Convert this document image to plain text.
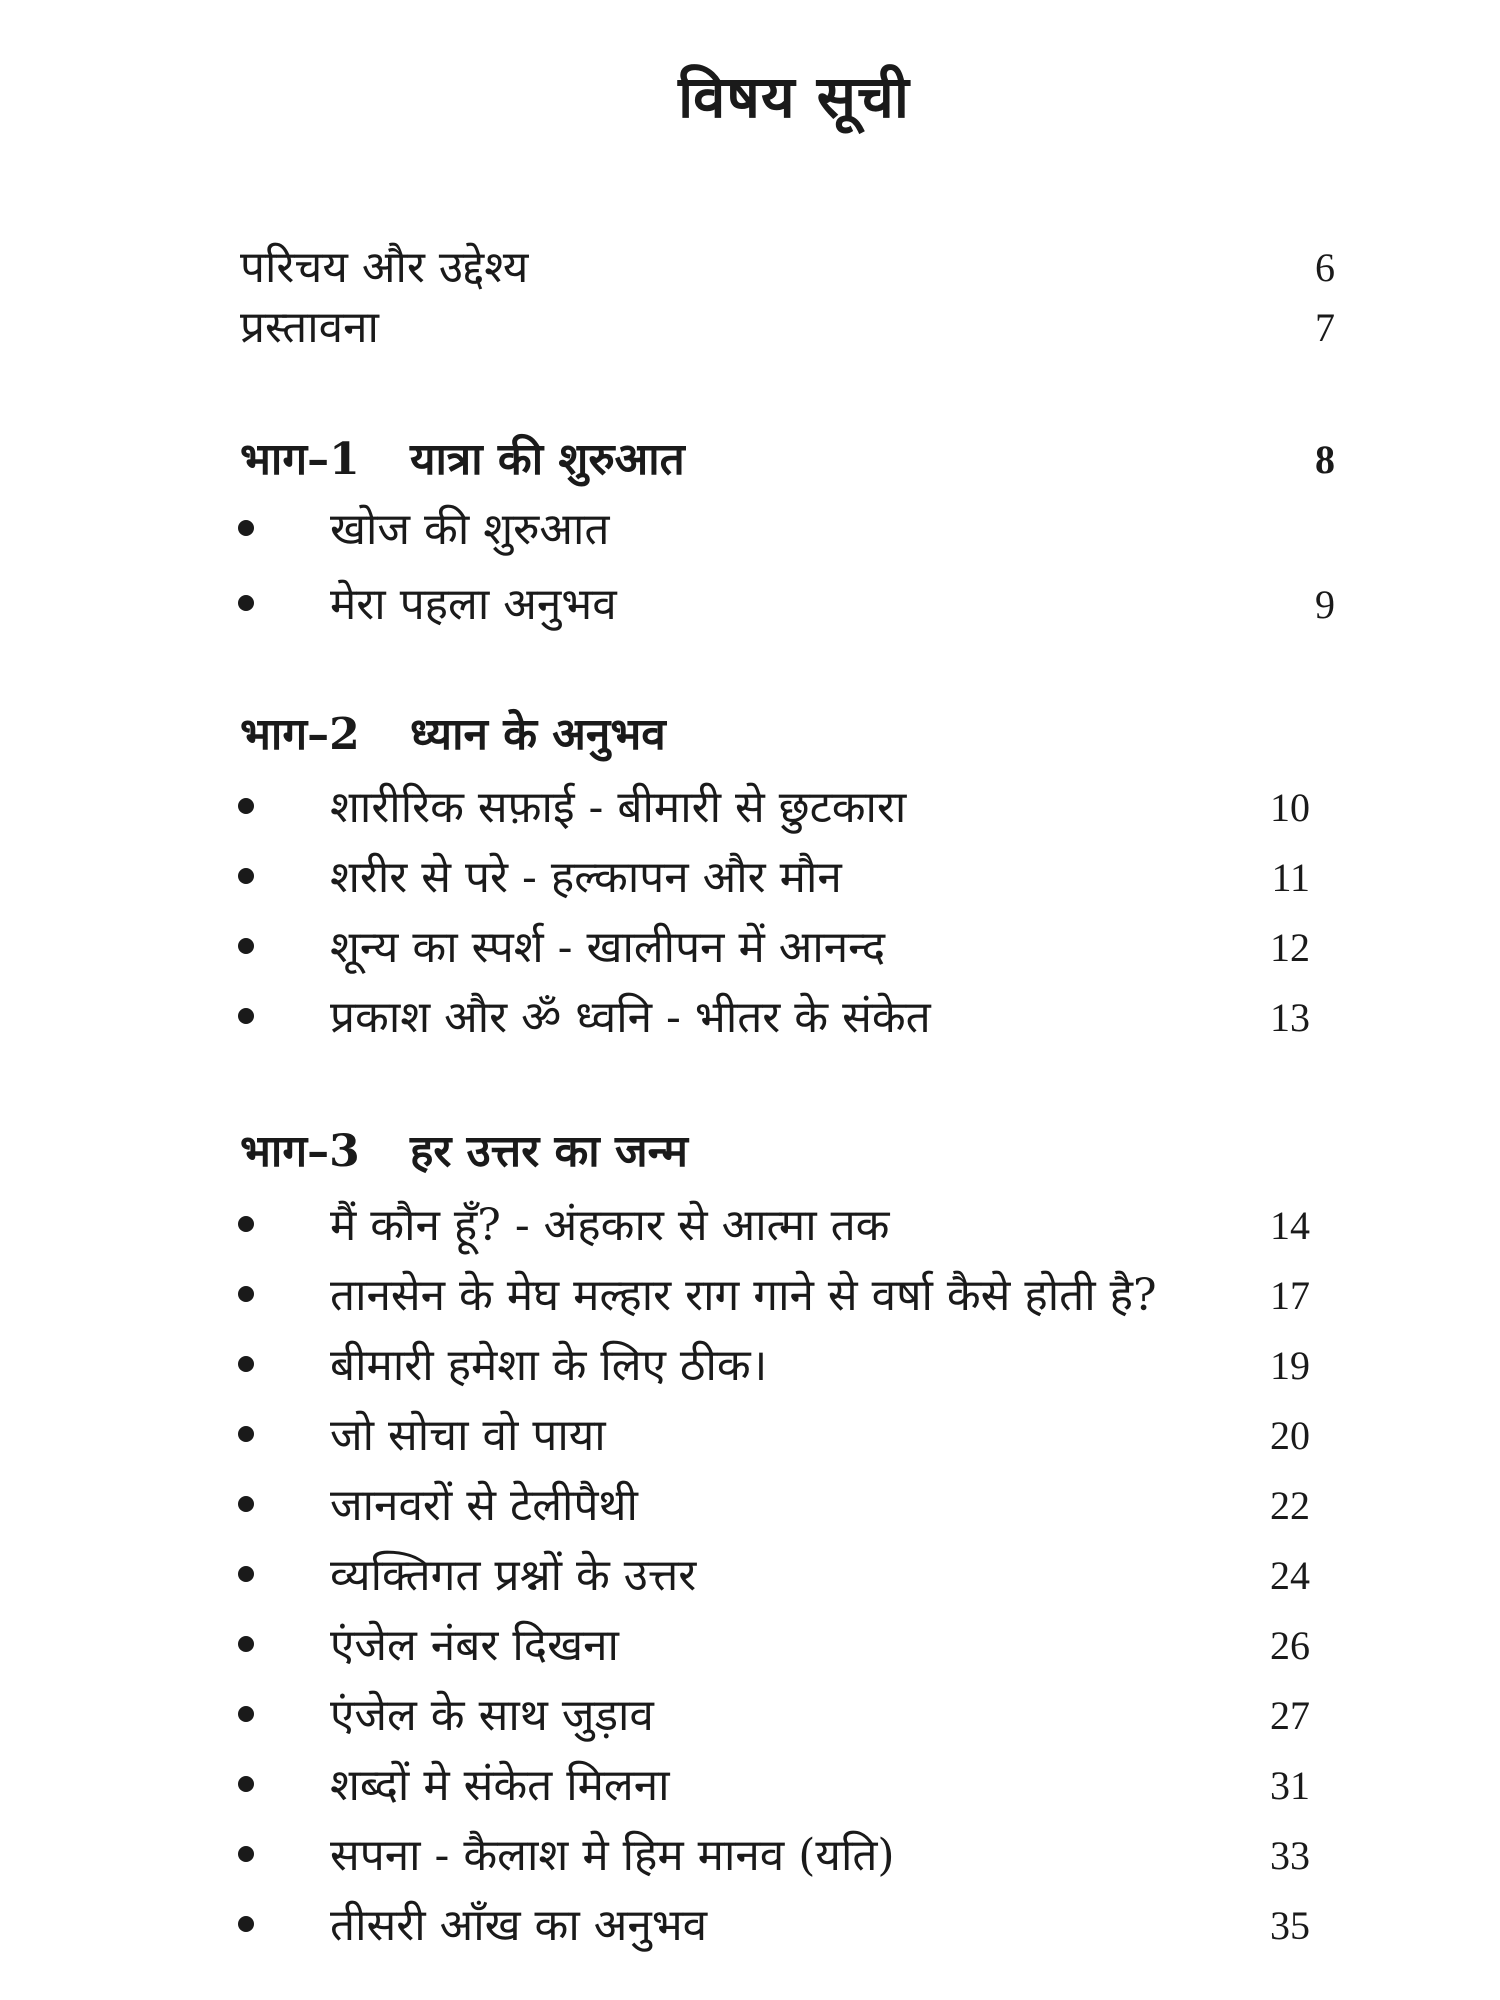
विषय सूची
परिचय और उद्देश्य	6
प्रस्तावना	7
भाग–1 यात्रा की शुरुआत	8
खोज की शुरुआत
मेरा पहला अनुभव	9
भाग–2 ध्यान के अनुभव
शारीरिक सफ़ाई - बीमारी से छुटकारा	10
शरीर से परे - हल्कापन और मौन	11
शून्य का स्पर्श - खालीपन में आनन्द	12
प्रकाश और ॐ ध्वनि - भीतर के संकेत	13
भाग–3 हर उत्तर का जन्म
मैं कौन हूँ? - अंहकार से आत्मा तक	14
तानसेन के मेघ मल्हार राग गाने से वर्षा कैसे होती है?	17
बीमारी हमेशा के लिए ठीक।	19
जो सोचा वो पाया	20
जानवरों से टेलीपैथी	22
व्यक्तिगत प्रश्नों के उत्तर	24
एंजेल नंबर दिखना	26
एंजेल के साथ जुड़ाव	27
शब्दों मे संकेत मिलना	31
सपना - कैलाश मे हिम मानव (यति)	33
तीसरी आँख का अनुभव	35
